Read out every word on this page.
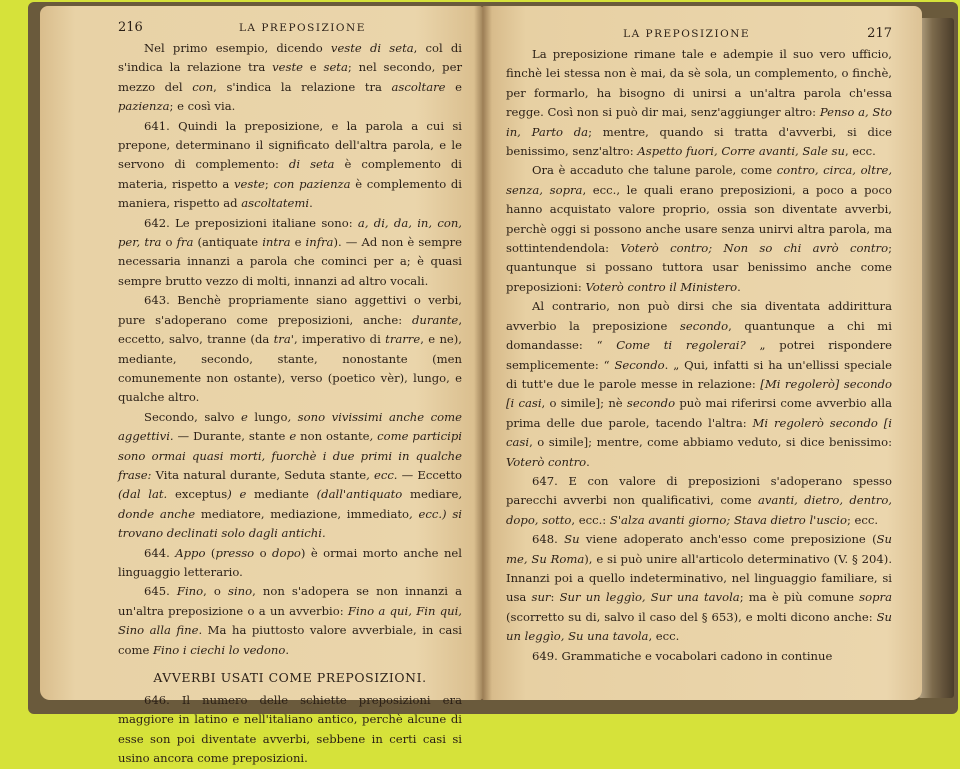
216	LA PREPOSIZIONE

Nel primo esempio, dicendo veste di seta, col di s'indica la relazione tra veste e seta; nel secondo, per mezzo del con, s'indica la relazione tra ascoltare e pazienza; e così via.

641. Quindi la preposizione, e la parola a cui si prepone, determinano il significato dell'altra parola, e le servono di complemento: di seta è complemento di materia, rispetto a veste; con pazienza è complemento di maniera, rispetto ad ascoltatemi.

642. Le preposizioni italiane sono: a, di, da, in, con, per, tra o fra (antiquate intra e infra). — Ad non è sempre necessaria innanzi a parola che cominci per a; è quasi sempre brutto vezzo di molti, innanzi ad altro vocali.

643. Benchè propriamente siano aggettivi o verbi, pure s'adoperano come preposizioni, anche: durante, eccetto, salvo, tranne (da tra', imperativo di trarre, e ne), mediante, secondo, stante, nonostante (men comunemente non ostante), verso (poetico vèr), lungo, e qualche altro.

Secondo, salvo e lungo, sono vivissimi anche come aggettivi. — Durante, stante e non ostante, come participi sono ormai quasi morti, fuorchè i due primi in qualche frase: Vita natural durante, Seduta stante, ecc. — Eccetto (dal lat. exceptus) e mediante (dall'antiquato mediare, donde anche mediatore, mediazione, immediato, ecc.) si trovano declinati solo dagli antichi.

644. Appo (presso o dopo) è ormai morto anche nel linguaggio letterario.

645. Fino, o sino, non s'adopera se non innanzi a un'altra preposizione o a un avverbio: Fino a qui, Fin qui, Sino alla fine. Ma ha piuttosto valore avverbiale, in casi come Fino i ciechi lo vedono.

AVVERBI USATI COME PREPOSIZIONI.

646. Il numero delle schiette preposizioni era maggiore in latino e nell'italiano antico, perchè alcune di esse son poi diventate avverbi, sebbene in certi casi si usino ancora come preposizioni.

LA PREPOSIZIONE	217

La preposizione rimane tale e adempie il suo vero ufficio, finchè lei stessa non è mai, da sè sola, un complemento, o finchè, per formarlo, ha bisogno di unirsi a un'altra parola ch'essa regge. Così non si può dir mai, senz'aggiunger altro: Penso a, Sto in, Parto da; mentre, quando si tratta d'avverbi, si dice benissimo, senz'altro: Aspetto fuori, Corre avanti, Sale su, ecc.

Ora è accaduto che talune parole, come contro, circa, oltre, senza, sopra, ecc., le quali erano preposizioni, a poco a poco hanno acquistato valore proprio, ossia son diventate avverbi, perchè oggi si possono anche usare senza unirvi altra parola, ma sottintendendola: Voterò contro; Non so chi avrò contro; quantunque si possano tuttora usar benissimo anche come preposizioni: Voterò contro il Ministero.

Al contrario, non può dirsi che sia diventata addirittura avverbio la preposizione secondo, quantunque a chi mi domandasse: “ Come ti regolerai? „ potrei rispondere semplicemente: “ Secondo. „ Qui, infatti si ha un'ellissi speciale di tutt'e due le parole messe in relazione: [Mi regolerò] secondo [i casi, o simile]; nè secondo può mai riferirsi come avverbio alla prima delle due parole, tacendo l'altra: Mi regolerò secondo [i casi, o simile]; mentre, come abbiamo veduto, si dice benissimo: Voterò contro.

647. E con valore di preposizioni s'adoperano spesso parecchi avverbi non qualificativi, come avanti, dietro, dentro, dopo, sotto, ecc.: S'alza avanti giorno; Stava dietro l'uscio; ecc.

648. Su viene adoperato anch'esso come preposizione (Su me, Su Roma), e si può unire all'articolo determinativo (V. § 204). Innanzi poi a quello indeterminativo, nel linguaggio familiare, si usa sur: Sur un leggìo, Sur una tavola; ma è più comune sopra (scorretto su di, salvo il caso del § 653), e molti dicono anche: Su un leggìo, Su una tavola, ecc.

649. Grammatiche e vocabolari cadono in continue
